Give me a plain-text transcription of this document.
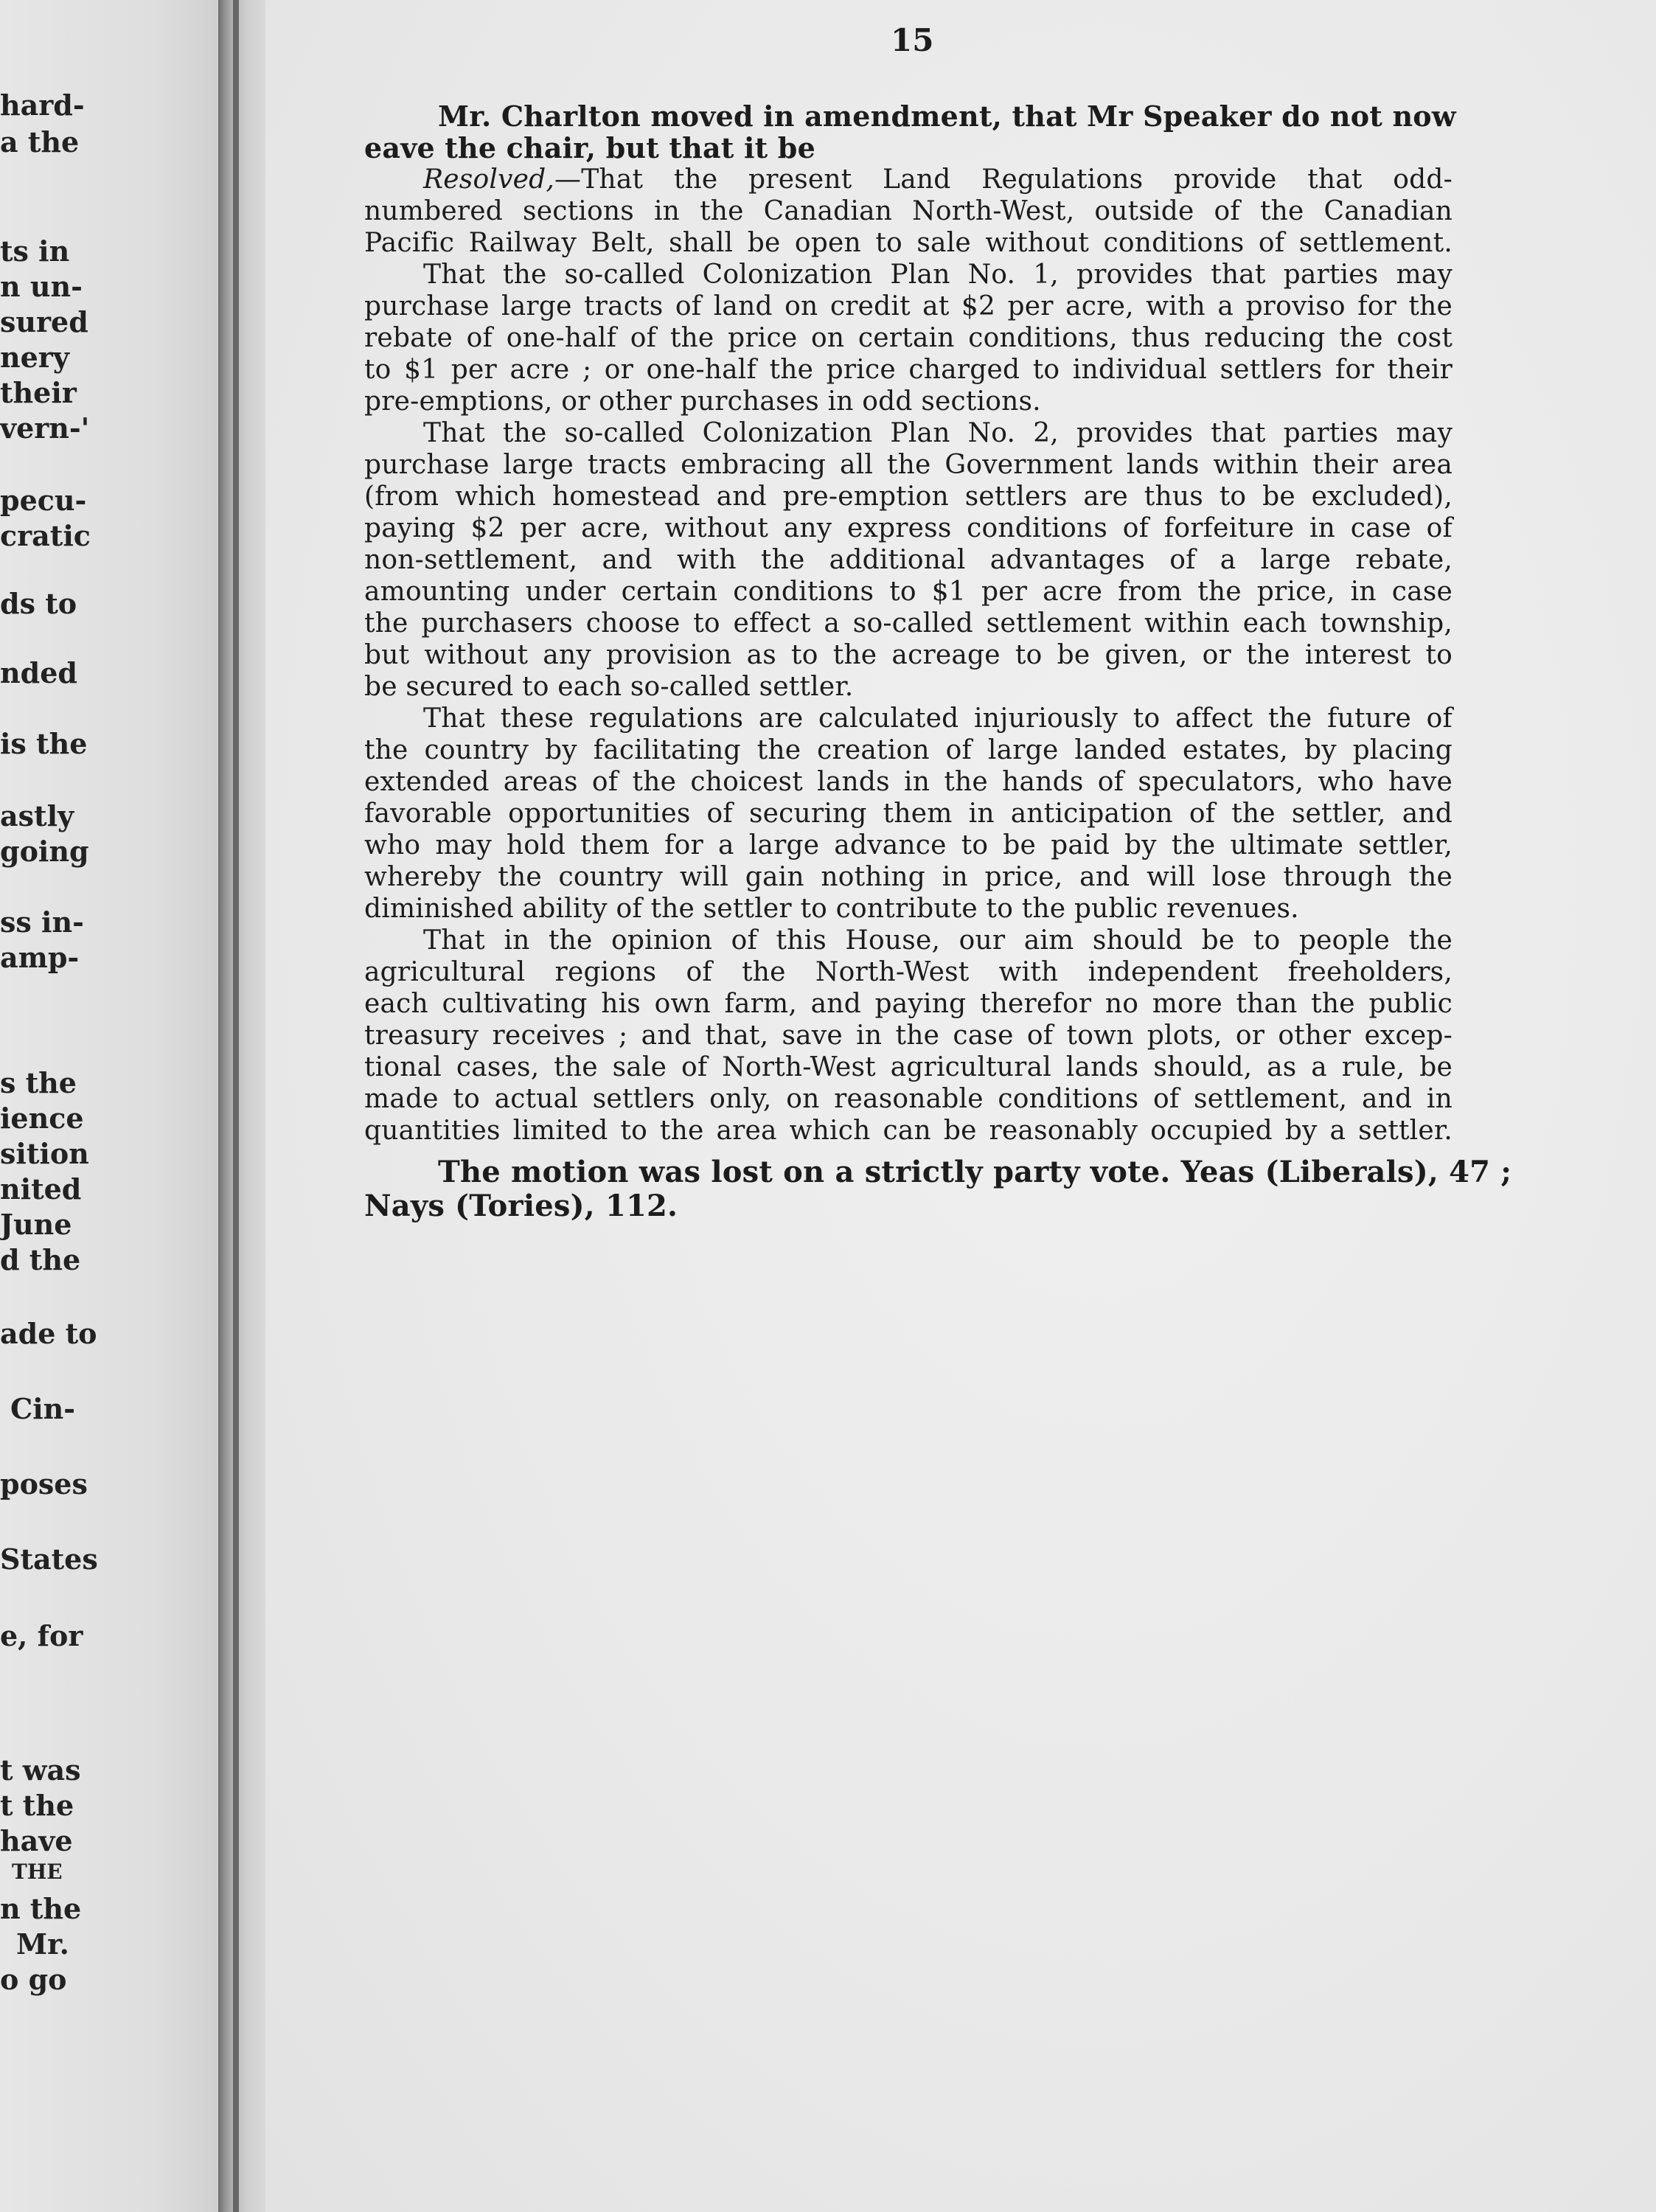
hard-
a the
ts in
n un-
sured
nery
their
vern-'
pecu-
cratic
ds to
nded
is the
astly
going
ss in-
amp-
s the
ience
sition
nited
June
d the
ade to
Cin-
poses
States
e, for
t was
t the
have
THE
n the
Mr.
o go
15
Mr. Charlton moved in amendment, that Mr Speaker do not now
eave the chair, but that it be
Resolved,—That the present Land Regulations provide that odd-
numbered sections in the Canadian North-West, outside of the Canadian
Pacific Railway Belt, shall be open to sale without conditions of settlement.
That the so-called Colonization Plan No. 1, provides that parties may
purchase large tracts of land on credit at $2 per acre, with a proviso for the
rebate of one-half of the price on certain conditions, thus reducing the cost
to $1 per acre ; or one-half the price charged to individual settlers for their
pre-emptions, or other purchases in odd sections.
That the so-called Colonization Plan No. 2, provides that parties may
purchase large tracts embracing all the Government lands within their area
(from which homestead and pre-emption settlers are thus to be excluded),
paying $2 per acre, without any express conditions of forfeiture in case of
non-settlement, and with the additional advantages of a large rebate,
amounting under certain conditions to $1 per acre from the price, in case
the purchasers choose to effect a so-called settlement within each township,
but without any provision as to the acreage to be given, or the interest to
be secured to each so-called settler.
That these regulations are calculated injuriously to affect the future of
the country by facilitating the creation of large landed estates, by placing
extended areas of the choicest lands in the hands of speculators, who have
favorable opportunities of securing them in anticipation of the settler, and
who may hold them for a large advance to be paid by the ultimate settler,
whereby the country will gain nothing in price, and will lose through the
diminished ability of the settler to contribute to the public revenues.
That in the opinion of this House, our aim should be to people the
agricultural regions of the North-West with independent freeholders,
each cultivating his own farm, and paying therefor no more than the public
treasury receives ; and that, save in the case of town plots, or other excep-
tional cases, the sale of North-West agricultural lands should, as a rule, be
made to actual settlers only, on reasonable conditions of settlement, and in
quantities limited to the area which can be reasonably occupied by a settler.
The motion was lost on a strictly party vote. Yeas (Liberals), 47 ;
Nays (Tories), 112.
